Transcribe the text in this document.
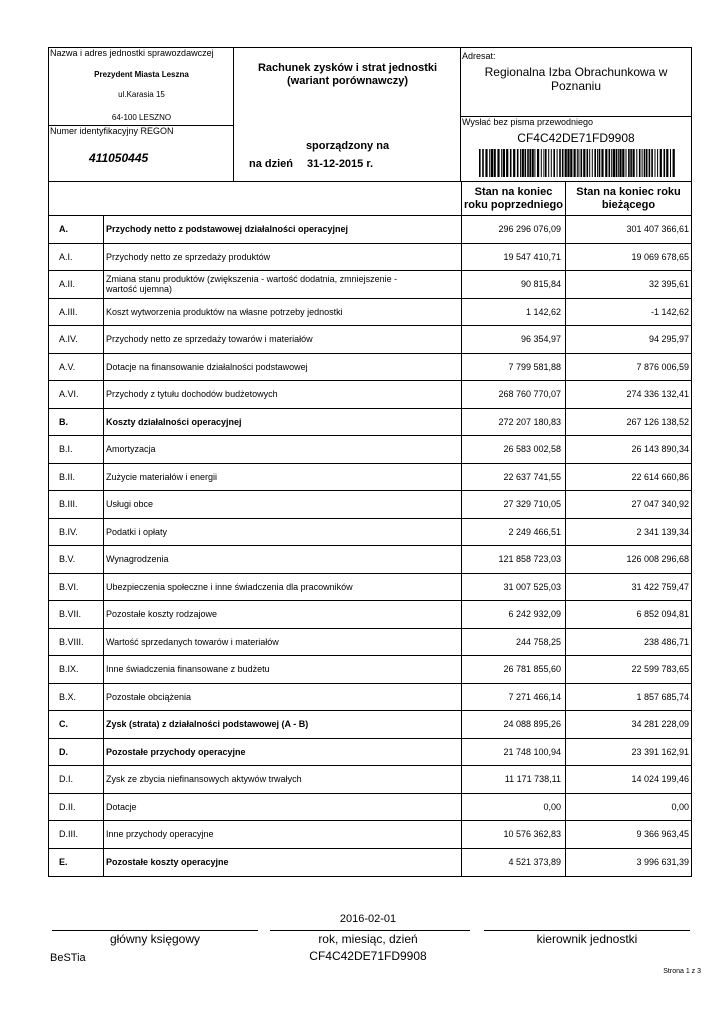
Nazwa i adres jednostki sprawozdawczej
Prezydent Miasta Leszna
ul.Karasia 15
64-100 LESZNO
Numer identyfikacyjny REGON
411050445
Rachunek zysków i strat jednostki
(wariant porównawczy)
sporządzony na
na dzień 31-12-2015 r.
Adresat:
Regionalna Izba Obrachunkowa w
Poznaniu
Wysłać bez pisma przewodniego
CF4C42DE71FD9908
Stan na koniec
roku poprzedniego
Stan na koniec roku
bieżącego
A.	Przychody netto z podstawowej działalności operacyjnej	296 296 076,09	301 407 366,61
A.I.	Przychody netto ze sprzedaży produktów	19 547 410,71	19 069 678,65
A.II.	Zmiana stanu produktów (zwiększenia - wartość dodatnia, zmniejszenie - wartość ujemna)	90 815,84	32 395,61
A.III.	Koszt wytworzenia produktów na własne potrzeby jednostki	1 142,62	-1 142,62
A.IV.	Przychody netto ze sprzedaży towarów i materiałów	96 354,97	94 295,97
A.V.	Dotacje na finansowanie działalności podstawowej	7 799 581,88	7 876 006,59
A.VI.	Przychody z tytułu dochodów budżetowych	268 760 770,07	274 336 132,41
B.	Koszty działalności operacyjnej	272 207 180,83	267 126 138,52
B.I.	Amortyzacja	26 583 002,58	26 143 890,34
B.II.	Zużycie materiałów i energii	22 637 741,55	22 614 660,86
B.III.	Usługi obce	27 329 710,05	27 047 340,92
B.IV.	Podatki i opłaty	2 249 466,51	2 341 139,34
B.V.	Wynagrodzenia	121 858 723,03	126 008 296,68
B.VI.	Ubezpieczenia społeczne i inne świadczenia dla pracowników	31 007 525,03	31 422 759,47
B.VII.	Pozostałe koszty rodzajowe	6 242 932,09	6 852 094,81
B.VIII. Wartość sprzedanych towarów i materiałów	244 758,25	238 486,71
B.IX.	Inne świadczenia finansowane z budżetu	26 781 855,60	22 599 783,65
B.X.	Pozostałe obciążenia	7 271 466,14	1 857 685,74
C.	Zysk (strata) z działalności podstawowej (A - B)	24 088 895,26	34 281 228,09
D.	Pozostałe przychody operacyjne	21 748 100,94	23 391 162,91
D.I.	Zysk ze zbycia niefinansowych aktywów trwałych	11 171 738,11	14 024 199,46
D.II.	Dotacje	0,00	0,00
D.III.	Inne przychody operacyjne	10 576 362,83	9 366 963,45
E.	Pozostałe koszty operacyjne	4 521 373,89	3 996 631,39
2016-02-01
główny księgowy	rok, miesiąc, dzień	kierownik jednostki
BeSTia	CF4C42DE71FD9908
Strona 1 z 3
